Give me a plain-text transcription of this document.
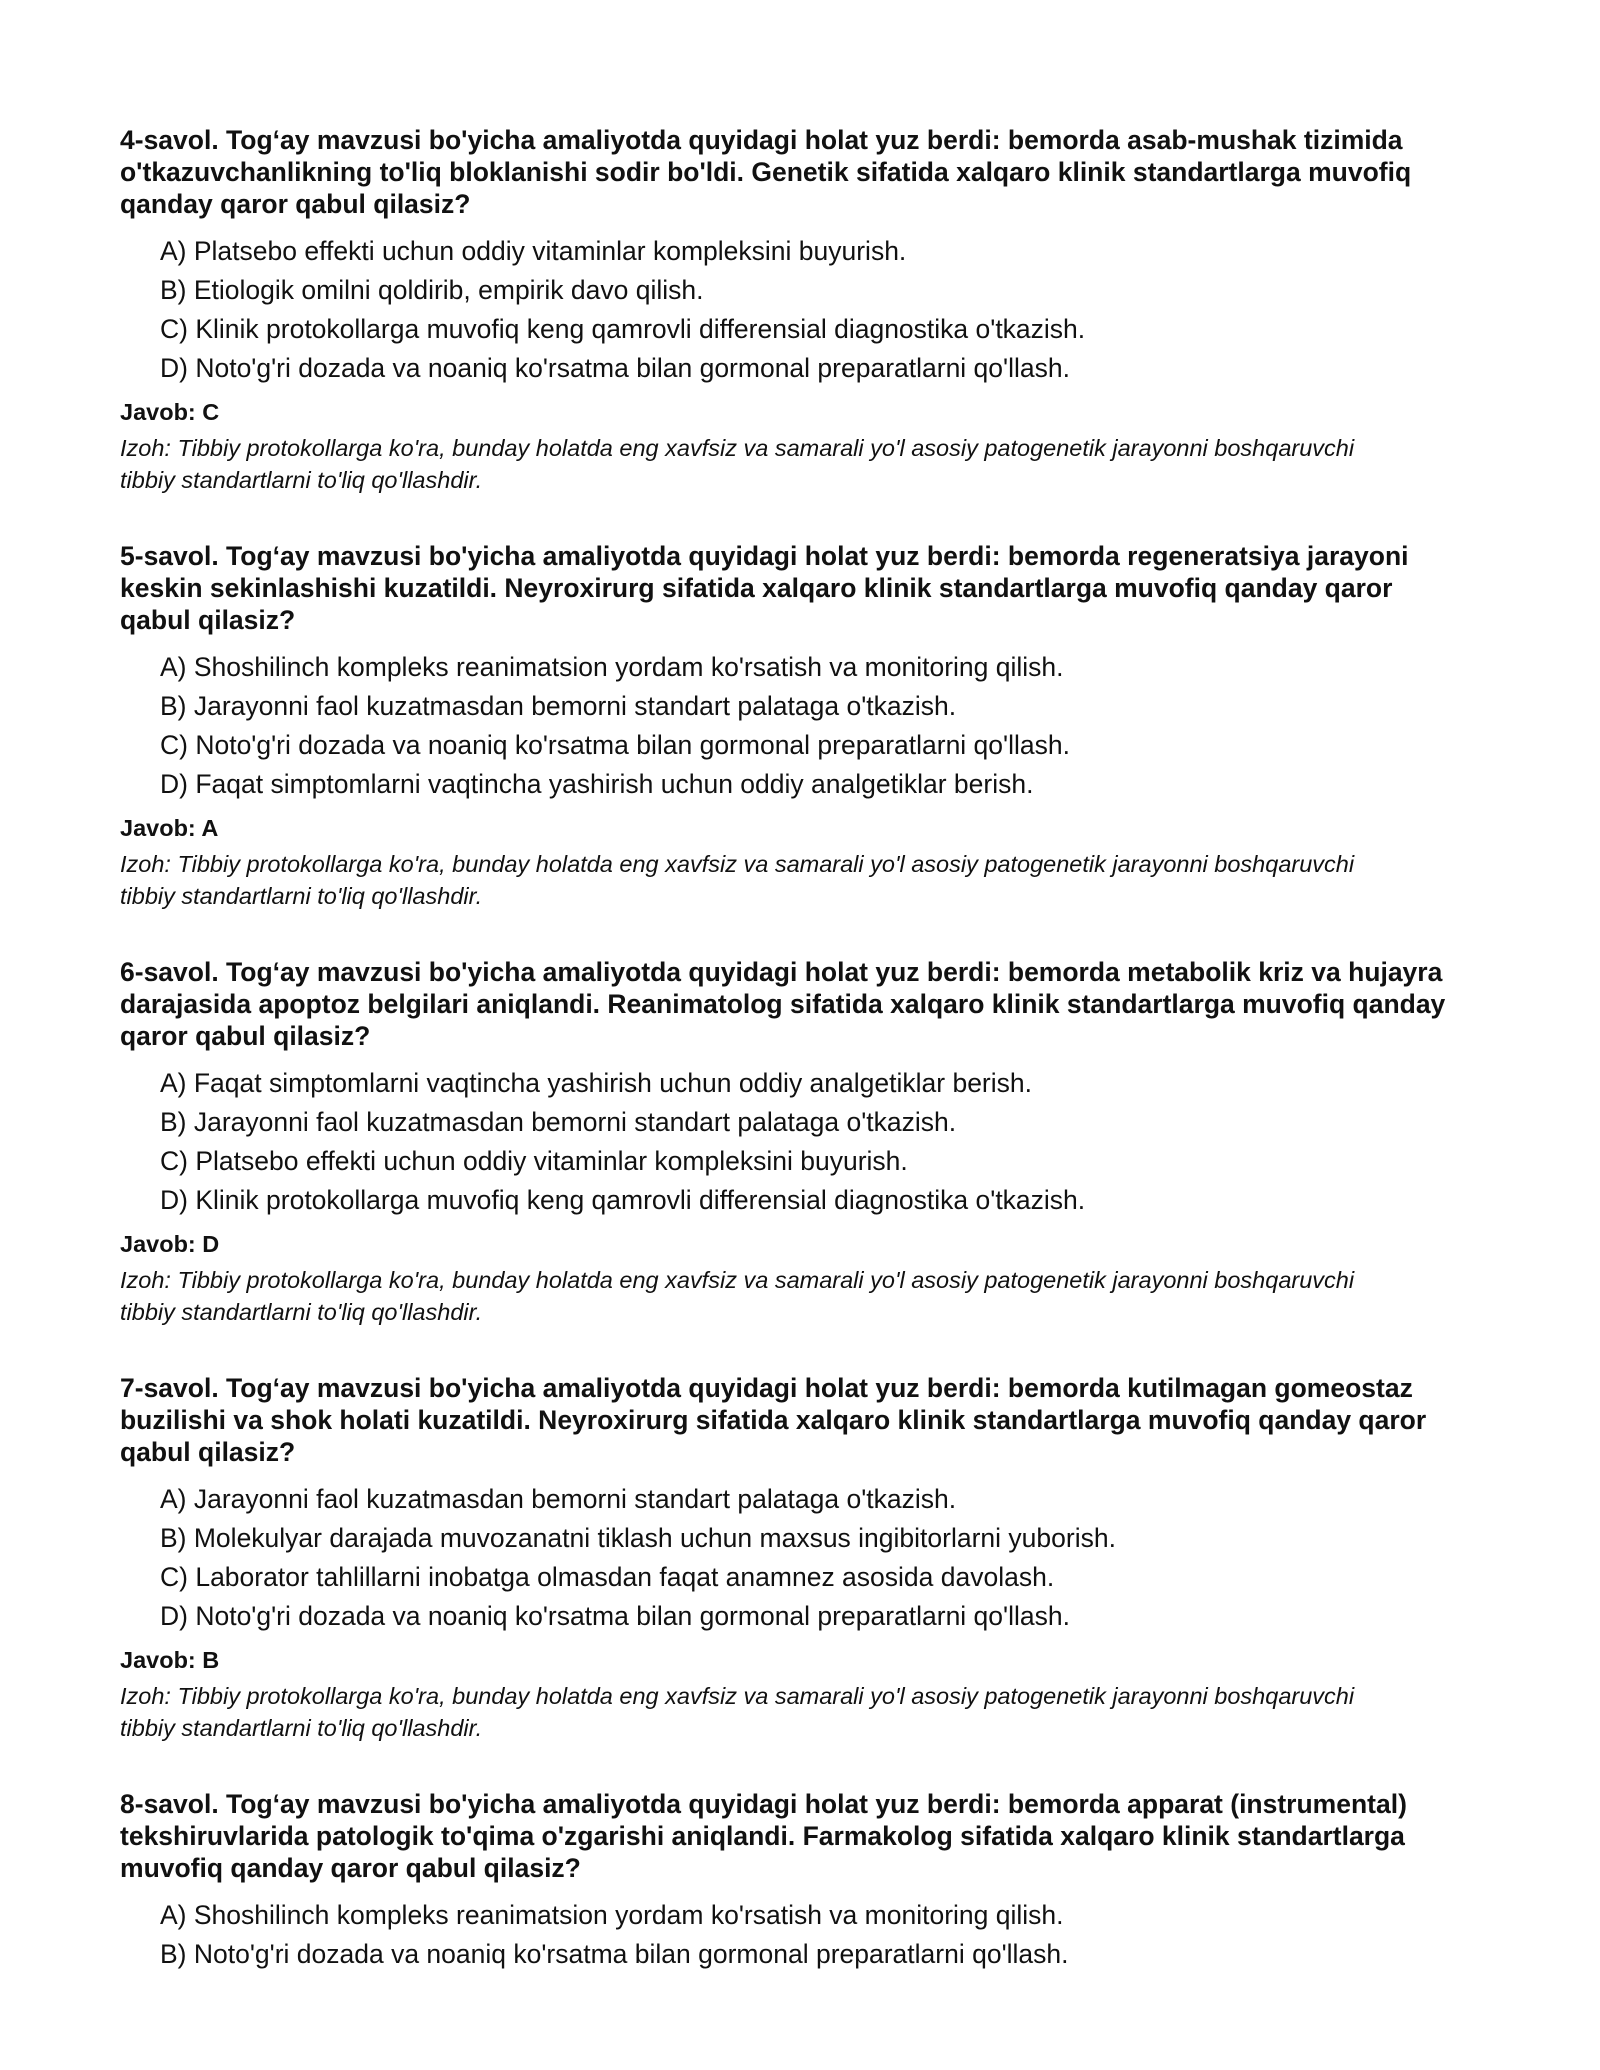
4-savol. Tog‘ay mavzusi bo'yicha amaliyotda quyidagi holat yuz berdi: bemorda asab-mushak tizimida o'tkazuvchanlikning to'liq bloklanishi sodir bo'ldi. Genetik sifatida xalqaro klinik standartlarga muvofiq qanday qaror qabul qilasiz?
A) Platsebo effekti uchun oddiy vitaminlar kompleksini buyurish.
B) Etiologik omilni qoldirib, empirik davo qilish.
C) Klinik protokollarga muvofiq keng qamrovli differensial diagnostika o'tkazish.
D) Noto'g'ri dozada va noaniq ko'rsatma bilan gormonal preparatlarni qo'llash.
Javob: C
Izoh: Tibbiy protokollarga ko'ra, bunday holatda eng xavfsiz va samarali yo'l asosiy patogenetik jarayonni boshqaruvchi tibbiy standartlarni to'liq qo'llashdir.
5-savol. Tog‘ay mavzusi bo'yicha amaliyotda quyidagi holat yuz berdi: bemorda regeneratsiya jarayoni keskin sekinlashishi kuzatildi. Neyroxirurg sifatida xalqaro klinik standartlarga muvofiq qanday qaror qabul qilasiz?
A) Shoshilinch kompleks reanimatsion yordam ko'rsatish va monitoring qilish.
B) Jarayonni faol kuzatmasdan bemorni standart palataga o'tkazish.
C) Noto'g'ri dozada va noaniq ko'rsatma bilan gormonal preparatlarni qo'llash.
D) Faqat simptomlarni vaqtincha yashirish uchun oddiy analgetiklar berish.
Javob: A
Izoh: Tibbiy protokollarga ko'ra, bunday holatda eng xavfsiz va samarali yo'l asosiy patogenetik jarayonni boshqaruvchi tibbiy standartlarni to'liq qo'llashdir.
6-savol. Tog‘ay mavzusi bo'yicha amaliyotda quyidagi holat yuz berdi: bemorda metabolik kriz va hujayra darajasida apoptoz belgilari aniqlandi. Reanimatolog sifatida xalqaro klinik standartlarga muvofiq qanday qaror qabul qilasiz?
A) Faqat simptomlarni vaqtincha yashirish uchun oddiy analgetiklar berish.
B) Jarayonni faol kuzatmasdan bemorni standart palataga o'tkazish.
C) Platsebo effekti uchun oddiy vitaminlar kompleksini buyurish.
D) Klinik protokollarga muvofiq keng qamrovli differensial diagnostika o'tkazish.
Javob: D
Izoh: Tibbiy protokollarga ko'ra, bunday holatda eng xavfsiz va samarali yo'l asosiy patogenetik jarayonni boshqaruvchi tibbiy standartlarni to'liq qo'llashdir.
7-savol. Tog‘ay mavzusi bo'yicha amaliyotda quyidagi holat yuz berdi: bemorda kutilmagan gomeostaz buzilishi va shok holati kuzatildi. Neyroxirurg sifatida xalqaro klinik standartlarga muvofiq qanday qaror qabul qilasiz?
A) Jarayonni faol kuzatmasdan bemorni standart palataga o'tkazish.
B) Molekulyar darajada muvozanatni tiklash uchun maxsus ingibitorlarni yuborish.
C) Laborator tahlillarni inobatga olmasdan faqat anamnez asosida davolash.
D) Noto'g'ri dozada va noaniq ko'rsatma bilan gormonal preparatlarni qo'llash.
Javob: B
Izoh: Tibbiy protokollarga ko'ra, bunday holatda eng xavfsiz va samarali yo'l asosiy patogenetik jarayonni boshqaruvchi tibbiy standartlarni to'liq qo'llashdir.
8-savol. Tog‘ay mavzusi bo'yicha amaliyotda quyidagi holat yuz berdi: bemorda apparat (instrumental) tekshiruvlarida patologik to'qima o'zgarishi aniqlandi. Farmakolog sifatida xalqaro klinik standartlarga muvofiq qanday qaror qabul qilasiz?
A) Shoshilinch kompleks reanimatsion yordam ko'rsatish va monitoring qilish.
B) Noto'g'ri dozada va noaniq ko'rsatma bilan gormonal preparatlarni qo'llash.
